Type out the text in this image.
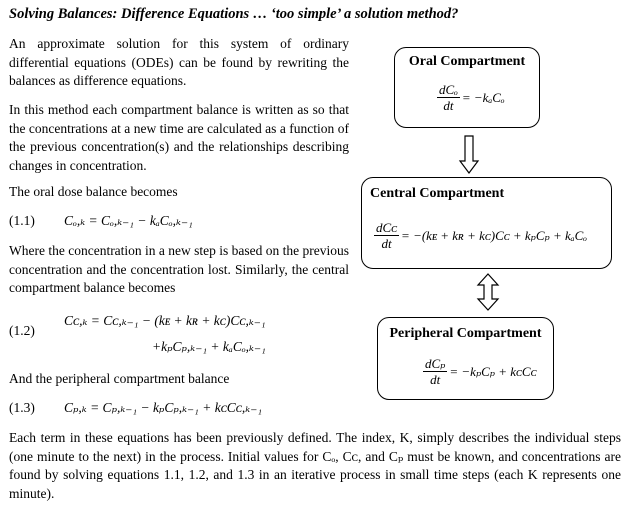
Solving Balances: Difference Equations … ‘too simple’ a solution method?
An approximate solution for this system of ordinary differential equations (ODEs) can be found by rewriting the balances as difference equations.
In this method each compartment balance is written as so that the concentrations at a new time are calculated as a function of the previous concentration(s) and the relationships describing changes in concentration.
The oral dose balance becomes
(1.1) Cₒ,ₖ = Cₒ,ₖ₋₁ − kₐCₒ,ₖ₋₁
Where the concentration in a new step is based on the previous concentration and the concentration lost. Similarly, the central compartment balance becomes
(1.2)
Cᴄ,ₖ = Cᴄ,ₖ₋₁ − (kᴇ + kʀ + kᴄ)Cᴄ,ₖ₋₁
+kₚCₚ,ₖ₋₁ + kₐCₒ,ₖ₋₁
And the peripheral compartment balance
(1.3) Cₚ,ₖ = Cₚ,ₖ₋₁ − kₚCₚ,ₖ₋₁ + kᴄCᴄ,ₖ₋₁
Each term in these equations has been previously defined. The index, K, simply describes the individual steps (one minute to the next) in the process. Initial values for Cₒ, Cᴄ, and Cₚ must be known, and concentrations are found by solving equations 1.1, 1.2, and 1.3 in an iterative process in small time steps (each K represents one minute).
Oral Compartment
$\frac{\text{dCₒ}}{dt} = -k_aC_o$
Central Compartment
$\frac{\text{dCᴄ}}{dt}$ = −(kᴇ + kʀ + kᴄ)Cᴄ + kₚCₚ + kₐCₒ
Peripheral Compartment
$\frac{\text{dCₚ}}{dt} = -k_pC_p$ + kᴄCᴄ
